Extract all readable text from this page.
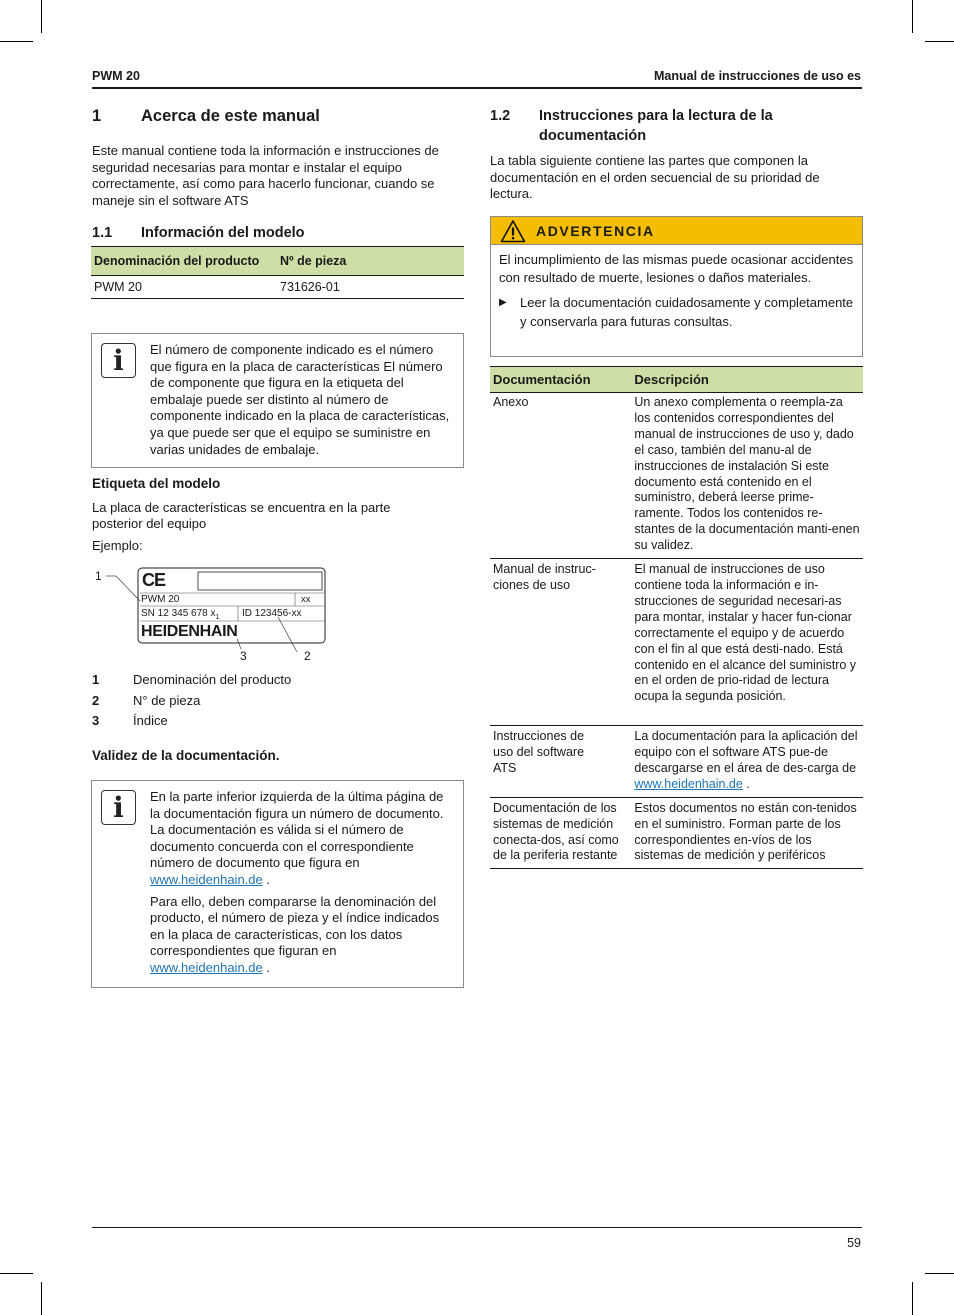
PWM 20	Manual de instrucciones de uso es
1	Acerca de este manual

Este manual contiene toda la información e instrucciones de seguridad necesarias para montar e instalar el equipo correctamente, así como para hacerlo funcionar, cuando se maneje sin el software ATS

1.1	Información del modelo
Denominación del producto	Nº de pieza
PWM 20	731626-01
i	El número de componente indicado es el número que figura en la placa de características El número de componente que figura en la etiqueta del embalaje puede ser distinto al número de componente indicado en la placa de características, ya que puede ser que el equipo se suministre en varias unidades de embalaje.

Etiqueta del modelo

La placa de características se encuentra en la parte posterior del equipo

Ejemplo:

1 CE
PWM 20	xx
SN 12 345 678 $x_1$ ID 123456-xx
HEIDENHAIN
3	2
1	Denominación del producto
2	N° de pieza
3	Índice

Validez de la documentación.

i	En la parte inferior izquierda de la última página de la documentación figura un número de documento. La documentación es válida si el número de documento concuerda con el correspondiente número de documento que figura en www.heidenhain.de .
Para ello, deben compararse la denominación del producto, el número de pieza y el índice indicados en la placa de características, con los datos correspondientes que figuran en www.heidenhain.de .
1.2	Instrucciones para la lectura de la documentación

La tabla siguiente contiene las partes que componen la documentación en el orden secuencial de su prioridad de lectura.

ADVERTENCIA

El incumplimiento de las mismas puede ocasionar accidentes con resultado de muerte, lesiones o daños materiales.

▶	Leer la documentación cuidadosamente y completamente y conservarla para futuras consultas.
Documentación	Descripción
Anexo	Un anexo complementa o reempla-za los contenidos correspondientes del manual de instrucciones de uso y, dado el caso, también del manu-al de instrucciones de instalación Si este documento está contenido en el suministro, deberá leerse prime-ramente. Todos los contenidos re-stantes de la documentación manti-enen su validez.
Manual de instruc-ciones de uso	El manual de instrucciones de uso contiene toda la información e in-strucciones de seguridad necesari-as para montar, instalar y hacer fun-cionar correctamente el equipo y de acuerdo con el fin al que está desti-nado. Está contenido en el alcance del suministro y en el orden de prio-ridad de lectura ocupa la segunda posición.
Instrucciones de uso del software ATS	La documentación para la aplicación del equipo con el software ATS pue-de descargarse en el área de des-carga de www.heidenhain.de .
Documentación de los sistemas de medición conecta-dos, así como de la periferia restante	Estos documentos no están con-tenidos en el suministro. Forman parte de los correspondientes en-víos de los sistemas de medición y periféricos
59
